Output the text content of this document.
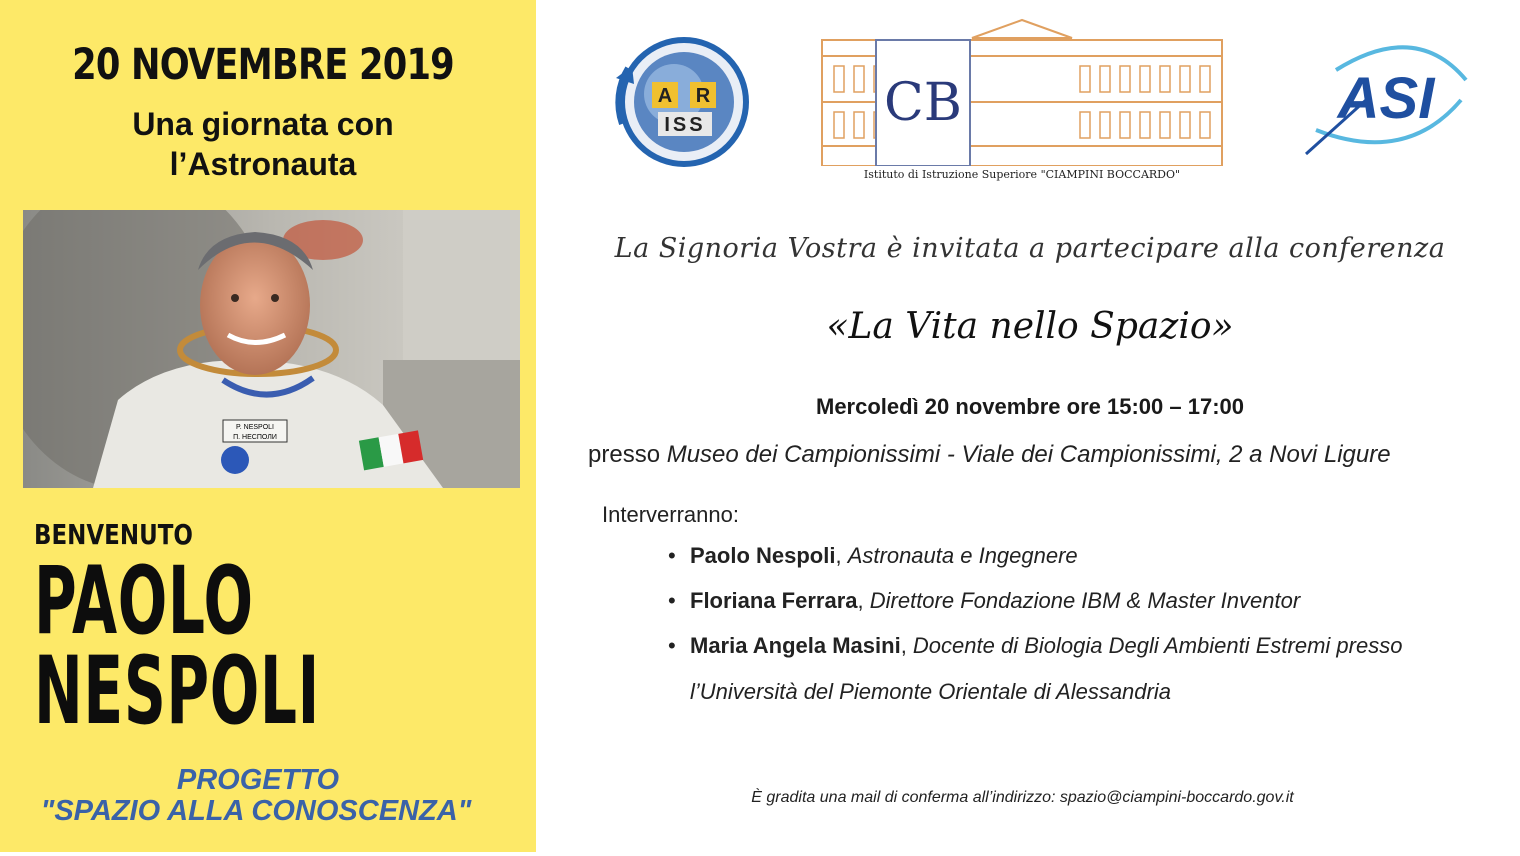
20 NOVEMBRE 2019
Una giornata con
l’Astronauta
P. NESPOLI
П. НЕСПОЛИ
BENVENUTO
PAOLO
NESPOLI
PROGETTO
"SPAZIO ALLA CONOSCENZA"
A R
ISS	CB
Istituto di Istruzione Superiore "CIAMPINI BOCCARDO"
ASI
La Signoria Vostra è invitata a partecipare alla conferenza
«La Vita nello Spazio»
Mercoledì 20 novembre ore 15:00 – 17:00
presso Museo dei Campionissimi - Viale dei Campionissimi, 2 a Novi Ligure
Interverranno:
• Paolo Nespoli, Astronauta e Ingegnere
• Floriana Ferrara, Direttore Fondazione IBM & Master Inventor
• Maria Angela Masini, Docente di Biologia Degli Ambienti Estremi presso
l’Università del Piemonte Orientale di Alessandria
È gradita una mail di conferma all’indirizzo: spazio@ciampini-boccardo.gov.it
